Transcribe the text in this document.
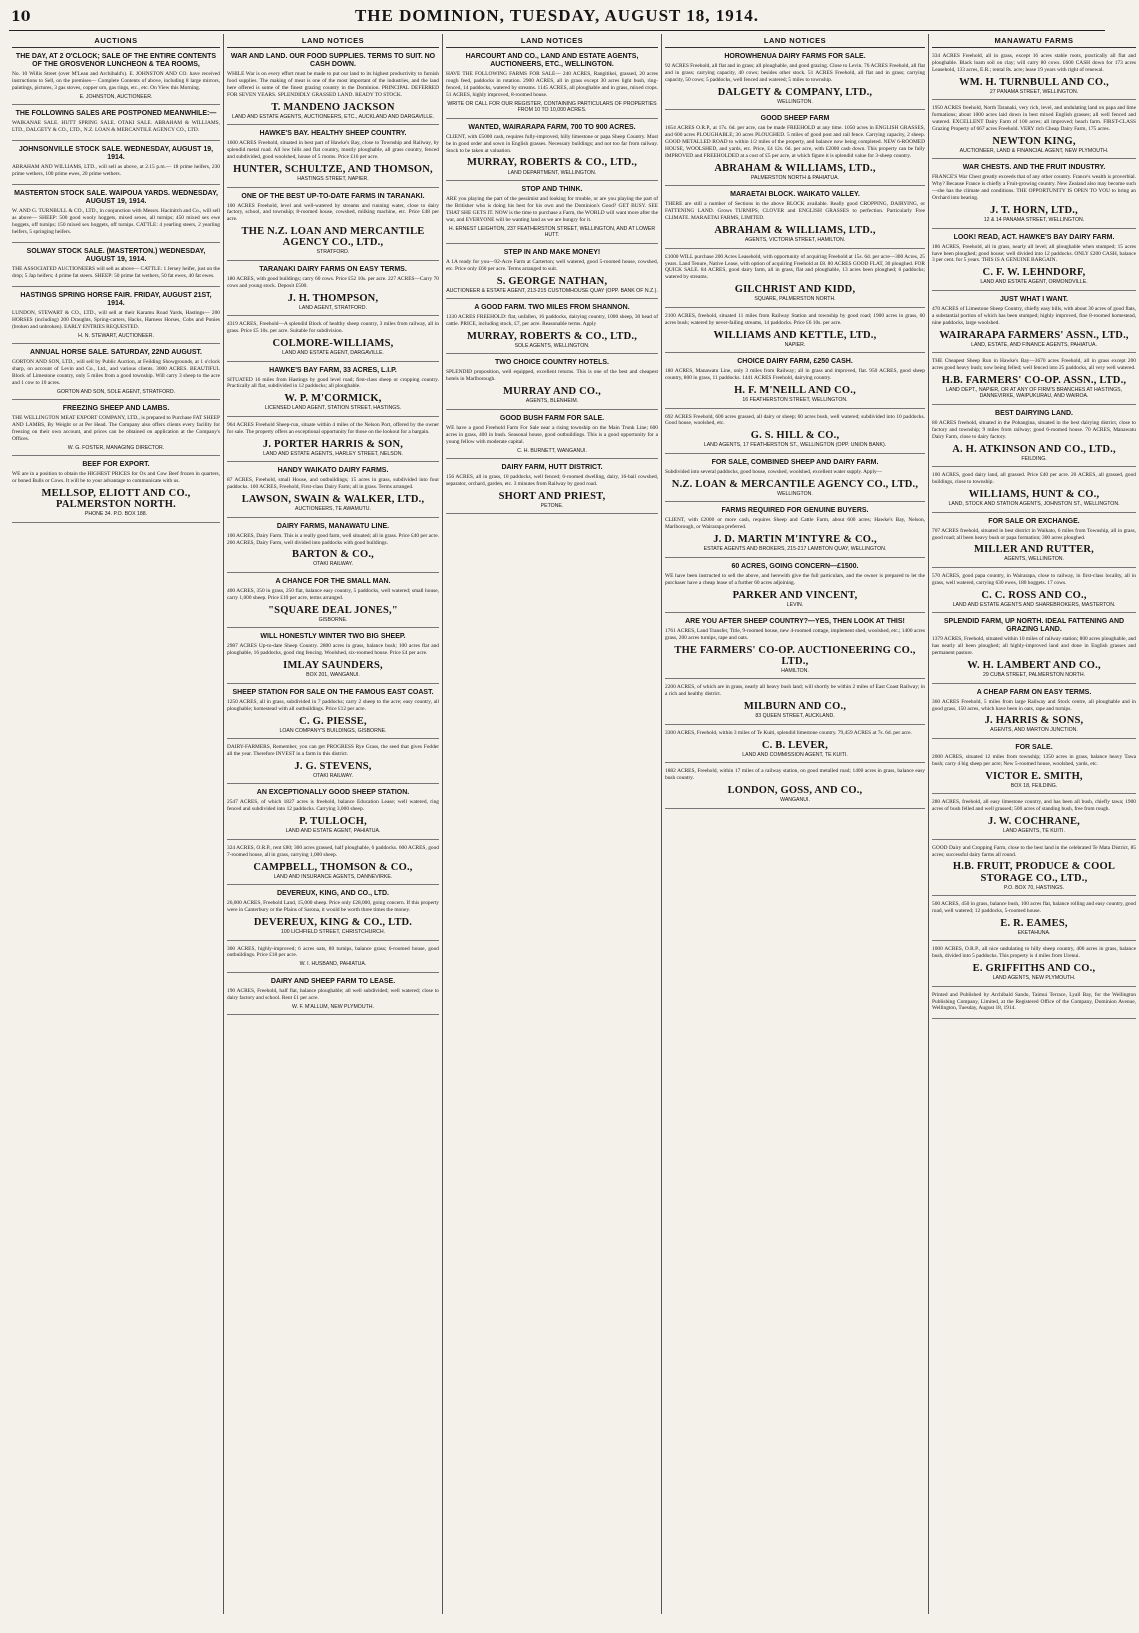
10	THE DOMINION, TUESDAY, AUGUST 18, 1914.
AUCTIONS
THE DAY, AT 2 O'CLOCK; SALE OF THE ENTIRE CONTENTS OF THE GROSVENOR LUNCHEON & TEA ROOMS,

No. 10 Willis Street (over M'Lean and Archibald's). E. JOHNSTON AND CO. have received instructions to Sell, on the premises— Complete Contents of above, including 8 large mirrors, paintings, pictures, 3 gas stoves, copper urn, gas rings, etc., etc. On View this Morning.

E. JOHNSTON, AUCTIONEER.
THE FOLLOWING SALES ARE POSTPONED MEANWHILE:—

WAIKANAE SALE. HUTT SPRING SALE. OTAKI SALE. ABRAHAM & WILLIAMS, LTD., DALGETY & CO., LTD., N.Z. LOAN & MERCANTILE AGENCY CO., LTD.

JOHNSONVILLE STOCK SALE. WEDNESDAY, AUGUST 19, 1914.

ABRAHAM AND WILLIAMS, LTD., will sell as above, at 2.15 p.m.— 18 prime heifers, 230 prime wethers, 100 prime ewes, 20 prime wethers.

MASTERTON STOCK SALE. WAIPOUA YARDS. WEDNESDAY, AUGUST 19, 1914.

W. AND G. TURNBULL & CO., LTD., in conjunction with Messrs. Hacinitch and Co., will sell as above— SHEEP: 500 good wooly hoggets, mixed sexes, all turnips; 450 mixed sex ewe hoggets, off turnips; 150 mixed sex hoggets, off turnips. CATTLE: 4 yearling steers, 2 yearling heifers, 5 springing heifers.

SOLWAY STOCK SALE. (MASTERTON.) WEDNESDAY, AUGUST 19, 1914.

THE ASSOCIATED AUCTIONEERS will sell as above— CATTLE: 1 Jersey heifer, just on the drop; 5 Jap heifers; 4 prime fat steers. SHEEP: 50 prime fat wethers, 50 fat ewes, 40 fat ewes.

HASTINGS SPRING HORSE FAIR. FRIDAY, AUGUST 21ST, 1914.

LUNDON, STEWART & CO., LTD., will sell at their Karamu Road Yards, Hastings— 200 HORSES (including) 200 Draughts, Spring-carters, Hacks, Harness Horses, Cobs and Ponies (broken and unbroken). EARLY ENTRIES REQUESTED.

H. N. STEWART, AUCTIONEER.
ANNUAL HORSE SALE. SATURDAY, 22ND AUGUST.

GORTON AND SON, LTD., will sell by Public Auction, at Feilding Showgrounds, at 1 o'clock sharp, on account of Levin and Co., Ltd., and various clients. 3000 ACRES. BEAUTIFUL Block of Limestone country, only 5 miles from a good township. Will carry 3 sheep to the acre and 1 cow to 10 acres.

GORTON AND SON, SOLE AGENT, STRATFORD.
FREEZING SHEEP AND LAMBS.

THE WELLINGTON MEAT EXPORT COMPANY, LTD., is prepared to Purchase FAT SHEEP AND LAMBS, By Weight or at Per Head. The Company also offers clients every facility for freezing on their own account, and prices can be obtained on application at the Company's Offices.

W. G. FOSTER, MANAGING DIRECTOR.
BEEF FOR EXPORT.

WE are in a position to obtain the HIGHEST PRICES for Ox and Cow Beef frozen in quarters, or boned Bulls or Cows. It will be to your advantage to communicate with us.

MELLSOP, ELIOTT AND CO., PALMERSTON NORTH.
PHONE 34. P.O. BOX 188.
LAND NOTICES
WAR AND LAND. OUR FOOD SUPPLIES. TERMS TO SUIT. NO CASH DOWN.

WHILE War is on every effort must be made to put our land to its highest productivity to furnish food supplies. The making of meat is one of the most important of the industries, and the land here offered is some of the finest grazing country in the Dominion. PRINCIPAL DEFERRED FOR SEVEN YEARS. SPLENDIDLY GRASSED LAND. READY TO STOCK.

T. MANDENO JACKSON
LAND AND ESTATE AGENTS, AUCTIONEERS, ETC., AUCKLAND AND DARGAVILLE.
HAWKE'S BAY. HEALTHY SHEEP COUNTRY.

1600 ACRES Freehold, situated in best part of Hawke's Bay, close to Township and Railway, by splendid metal road. All low hills and flat country, mostly ploughable, all grass country, fenced and subdivided, good woolshed, house of 5 rooms. Price £16 per acre.

HUNTER, SCHULTZE, AND THOMSON,
HASTINGS STREET, NAPIER.
ONE OF THE BEST UP-TO-DATE FARMS IN TARANAKI.

100 ACRES Freehold, level and well-watered by streams and running water, close to dairy factory, school, and township; 8-roomed house, cowshed, milking machine, etc. Price £48 per acre.

THE N.Z. LOAN AND MERCANTILE AGENCY CO., LTD.,
STRATFORD.
TARANAKI DAIRY FARMS ON EASY TERMS.

180 ACRES, with good buildings; carry 60 cows. Price £52 10s. per acre. 227 ACRES—Carry 70 cows and young stock. Deposit £500.

J. H. THOMPSON,
LAND AGENT, STRATFORD.

4319 ACRES, Freehold—A splendid Block of healthy sheep country, 3 miles from railway, all in grass. Price £5 10s. per acre. Suitable for subdivision.

COLMORE-WILLIAMS,
LAND AND ESTATE AGENT, DARGAVILLE.
HAWKE'S BAY FARM, 33 ACRES, L.I.P.

SITUATED 16 miles from Hastings by good level road; first-class sheep or cropping country. Practically all flat, subdivided in 12 paddocks; all ploughable.

W. P. M'CORMICK,
LICENSED LAND AGENT, STATION STREET, HASTINGS.

964 ACRES Freehold Sheep-run, situate within 4 miles of the Nelson Port, offered by the owner for sale. The property offers an exceptional opportunity for those on the lookout for a bargain.

J. PORTER HARRIS & SON,
LAND AND ESTATE AGENTS, HARLEY STREET, NELSON.
HANDY WAIKATO DAIRY FARMS.

87 ACRES, Freehold, small House, and outbuildings; 15 acres in grass, subdivided into four paddocks. 100 ACRES, Freehold, First-class Dairy Farm; all in grass. Terms arranged.

LAWSON, SWAIN & WALKER, LTD.,
AUCTIONEERS, TE AWAMUTU.
DAIRY FARMS, MANAWATU LINE.

100 ACRES, Dairy Farm. This is a really good farm, well situated; all in grass. Price £40 per acre. 200 ACRES, Dairy Farm, well divided into paddocks with good buildings.

BARTON & CO.,
OTAKI RAILWAY.
A CHANCE FOR THE SMALL MAN.

400 ACRES, 350 in grass, 250 flat, balance easy country, 5 paddocks, well watered; small house, carry 1,000 sheep. Price £10 per acre, terms arranged.

"SQUARE DEAL JONES,"
GISBORNE.
WILL HONESTLY WINTER TWO BIG SHEEP.

2987 ACRES Up-to-date Sheep Country. 2800 acres in grass, balance bush; 100 acres flat and ploughable, 16 paddocks, good ring fencing. Woolshed, six-roomed house. Price £4 per acre.

IMLAY SAUNDERS,
BOX 201, WANGANUI.
SHEEP STATION FOR SALE ON THE FAMOUS EAST COAST.

1250 ACRES, all in grass, subdivided in 7 paddocks; carry 2 sheep to the acre; easy country, all ploughable; homestead with all outbuildings. Price £12 per acre.

C. G. PIESSE,
LOAN COMPANY'S BUILDINGS, GISBORNE.

DAIRY-FARMERS, Remember, you can get PROGRESS Rye Grass, the seed that gives Fodder all the year. Therefore INVEST in a farm in this district.

J. G. STEVENS,
OTAKI RAILWAY.
AN EXCEPTIONALLY GOOD SHEEP STATION.

2547 ACRES, of which 1827 acres is freehold, balance Education Lease; well watered, ring fenced and subdivided into 12 paddocks. Carrying 3,000 sheep.

P. TULLOCH,
LAND AND ESTATE AGENT, PAHIATUA.

324 ACRES, O.R.P., rent £80; 300 acres grassed, half ploughable, 6 paddocks. 600 ACRES, good 7-roomed house, all in grass, carrying 1,000 sheep.

CAMPBELL, THOMSON & CO.,
LAND AND INSURANCE AGENTS, DANNEVIRKE.
DEVEREUX, KING, AND CO., LTD.

26,000 ACRES, Freehold Land, 15,000 sheep. Price only £28,000, going concern. If this property were in Canterbury or the Plains of Sarona, it would be worth three times the money.

DEVEREUX, KING & CO., LTD.
100 LICHFIELD STREET, CHRISTCHURCH.

300 ACRES, highly-improved; 6 acres oats, 80 turnips, balance grass; 6-roomed house, good outbuildings. Price £18 per acre.

W. I. HUSBAND, PAHIATUA.
DAIRY AND SHEEP FARM TO LEASE.

190 ACRES, Freehold, half flat, balance ploughable; all well subdivided; well watered; close to dairy factory and school. Rent £1 per acre.

W. F. M'ALLUM, NEW PLYMOUTH.
LAND NOTICES
HARCOURT AND CO., LAND AND ESTATE AGENTS, AUCTIONEERS, ETC., WELLINGTON.

HAVE THE FOLLOWING FARMS FOR SALE— 240 ACRES, Rangitikei, grassed, 20 acres rough feed, paddocks in rotation. 2900 ACRES, all in grass except 30 acres light bush, ring-fenced, 14 paddocks, watered by streams. 1145 ACRES, all ploughable and in grass, mixed crops. 51 ACRES, highly improved, 8-roomed house.

WRITE OR CALL FOR OUR REGISTER, CONTAINING PARTICULARS OF PROPERTIES FROM 10 TO 10,000 ACRES.
WANTED, WAIRARAPA FARM, 700 TO 900 ACRES.

CLIENT, with £5000 cash, requires fully-improved, hilly limestone or papa Sheep Country. Must be in good order and sown in English grasses. Necessary buildings; and not too far from railway. Stock to be taken at valuation.

MURRAY, ROBERTS & CO., LTD.,
LAND DEPARTMENT, WELLINGTON.
STOP AND THINK.

ARE you playing the part of the pessimist and looking for trouble, or are you playing the part of the Britisher who is doing his best for his own and the Dominion's Good? GET BUSY. SEE THAT SHE GETS IT. NOW is the time to purchase a Farm, the WORLD will want more after the war, and EVERYONE will be wanting land as we are hungry for it.

H. ERNEST LEIGHTON, 237 FEATHERSTON STREET, WELLINGTON, AND AT LOWER HUTT.
STEP IN AND MAKE MONEY!

A 1A ready for you—92-Acre Farm at Carterton; well watered, good 5-roomed house, cowshed, etc. Price only £60 per acre. Terms arranged to suit.

S. GEORGE NATHAN,
AUCTIONEER & ESTATE AGENT, 213-215 CUSTOMHOUSE QUAY (OPP. BANK OF N.Z.).
A GOOD FARM. TWO MILES FROM SHANNON.

1330 ACRES FREEHOLD: flat, unfallen, 16 paddocks, dairying country, 1000 sheep, 30 head of cattle. PRICE, including stock, £7, per acre. Reasonable terms. Apply

MURRAY, ROBERTS & CO., LTD.,
SOLE AGENTS, WELLINGTON.
TWO CHOICE COUNTRY HOTELS.

SPLENDID proposition, well equipped, excellent returns. This is one of the best and cheapest hotels in Marlborough.

MURRAY AND CO.,
AGENTS, BLENHEIM.
GOOD BUSH FARM FOR SALE.

WE have a good Freehold Farm For Sale near a rising township on the Main Trunk Line; 600 acres in grass, 400 in bush. Seasonal house, good outbuildings. This is a good opportunity for a young fellow with moderate capital.

C. H. BURNETT, WANGANUI.
DAIRY FARM, HUTT DISTRICT.

156 ACRES, all in grass, 10 paddocks, well fenced; 6-roomed dwelling, dairy, 16-bail cowshed, separator, orchard, garden, etc. 3 minutes from Railway by good road.

SHORT AND PRIEST,
PETONE.
LAND NOTICES
HOROWHENUA DAIRY FARMS FOR SALE.

92 ACRES Freehold, all flat and in grass; all ploughable, and good grazing. Close to Levin. 76 ACRES Freehold, all flat and in grass; carrying capacity, 40 cows; besides other stock. 51 ACRES Freehold, all flat and in grass; carrying capacity, 50 cows; 5 paddocks, well fenced and watered; 5 miles to township.

DALGETY & COMPANY, LTD.,
WELLINGTON.
GOOD SHEEP FARM

1654 ACRES O.R.P., at 17s. 6d. per acre, can be made FREEHOLD at any time. 1050 acres in ENGLISH GRASSES, and 600 acres PLOUGHABLE; 30 acres PLOUGHED. 5 miles of good post and rail fence. Carrying capacity, 2 sheep. GOOD METALLED ROAD to within 1/2 miles of the property, and balance now being completed. NEW 6-ROOMED HOUSE, WOOLSHED, and yards, etc. Price, £4 12s. 6d. per acre, with £2000 cash down. This property can be fully IMPROVED and FREEHOLDED at a cost of £5 per acre, at which figure it is splendid value for 3-sheep country.

ABRAHAM & WILLIAMS, LTD.,
PALMERSTON NORTH & PAHIATUA.
MARAETAI BLOCK. WAIKATO VALLEY.

THERE are still a number of Sections in the above BLOCK available. Really good CROPPING, DAIRYING, or FATTENING LAND. Grows TURNIPS, CLOVER and ENGLISH GRASSES to perfection. Particularly Free CLIMATE. MARAETAI FARMS, LIMITED.

ABRAHAM & WILLIAMS, LTD.,
AGENTS, VICTORIA STREET, HAMILTON.

£1000 WILL purchase 200 Acres Leasehold, with opportunity of acquiring Freehold at 15s. 6d. per acre—300 Acres, 25 years. Land Tenure, Native Lease, with option of acquiring Freehold at £8. 80 ACRES GOOD FLAT, 30 ploughed. FOR QUICK SALE. 84 ACRES, good dairy farm, all in grass, flat and ploughable, 13 acres been ploughed; 6 paddocks; watered by streams.

GILCHRIST AND KIDD,
SQUARE, PALMERSTON NORTH.

2100 ACRES, freehold, situated 11 miles from Railway Station and township by good road; 1900 acres in grass, 60 acres bush; watered by never-failing streams, 14 paddocks. Price £6 10s. per acre.

WILLIAMS AND KETTLE, LTD.,
NAPIER.
CHOICE DAIRY FARM, £250 CASH.

180 ACRES, Manawatu Line, only 3 miles from Railway; all in grass and improved, flat. 950 ACRES, good sheep country, 800 in grass, 11 paddocks. 1441 ACRES Freehold, dairying country.

H. F. M'NEILL AND CO.,
16 FEATHERSTON STREET, WELLINGTON.

692 ACRES Freehold, 600 acres grassed, all dairy or sheep; 60 acres bush, well watered; subdivided into 10 paddocks. Good house, woolshed, etc.

G. S. HILL & CO.,
LAND AGENTS, 17 FEATHERSTON ST., WELLINGTON (OPP. UNION BANK).
FOR SALE, COMBINED SHEEP AND DAIRY FARM.

Subdivided into several paddocks, good house, cowshed, woolshed, excellent water supply. Apply—

N.Z. LOAN & MERCANTILE AGENCY CO., LTD.,
WELLINGTON.
FARMS REQUIRED FOR GENUINE BUYERS.

CLIENT, with £2000 or more cash, requires Sheep and Cattle Farm, about 600 acres; Hawke's Bay, Nelson, Marlborough, or Wairarapa preferred.

J. D. MARTIN M'INTYRE & CO.,
ESTATE AGENTS AND BROKERS, 215-217 LAMBTON QUAY, WELLINGTON.
60 ACRES, GOING CONCERN—£1500.

WE have been instructed to sell the above, and herewith give the full particulars, and the owner is prepared to let the purchaser have a cheap lease of a further 60 acres adjoining.

PARKER AND VINCENT,
LEVIN.
ARE YOU AFTER SHEEP COUNTRY?—YES, THEN LOOK AT THIS!

1761 ACRES, Land Transfer, Title, 9-roomed house, new 4-roomed cottage, implement shed, woolshed, etc.; 1400 acres grass, 200 acres turnips, rape and oats.

THE FARMERS' CO-OP. AUCTIONEERING CO., LTD.,
HAMILTON.

2200 ACRES, of which are in grass, nearly all heavy bush land; will shortly be within 2 miles of East Coast Railway; in a rich and healthy district.

MILBURN AND CO.,
83 QUEEN STREET, AUCKLAND.

3300 ACRES, Freehold, within 3 miles of Te Kuiti, splendid limestone country. 79,459 ACRES at 7s. 6d. per acre.

C. B. LEVER,
LAND AND COMMISSION AGENT, TE KUITI.

1882 ACRES, Freehold, within 17 miles of a railway station, on good metalled road; 1400 acres in grass, balance easy bush country.

LONDON, GOSS, AND CO.,
WANGANUI.
MANAWATU FARMS

334 ACRES Freehold, all in grass, except 16 acres stable roots, practically all flat and ploughable. Black loam soil on clay; will carry 80 cows. £600 CASH down for 173 acres Leasehold, 133 acres, E.R.; rental 8s. acre; lease 19 years with right of renewal.

WM. H. TURNBULL AND CO.,
27 PANAMA STREET, WELLINGTON.

1950 ACRES freehold, North Taranaki, very rich, level, and undulating land on papa and lime formations; about 1000 acres laid down in best mixed English grasses; all well fenced and watered. EXCELLENT Dairy Farm of 100 acres; all improved; beach farm. FIRST-CLASS Grazing Property of 667 acres Freehold. VERY rich Cheap Dairy Farm, 175 acres.

NEWTON KING,
AUCTIONEER, LAND & FINANCIAL AGENT, NEW PLYMOUTH.
WAR CHESTS. AND THE FRUIT INDUSTRY.

FRANCE'S War Chest greatly exceeds that of any other country. France's wealth is proverbial. Why? Because France is chiefly a Fruit-growing country. New Zealand also may become such—she has the climate and conditions. THE OPPORTUNITY IS OPEN TO YOU to bring an Orchard into bearing.

J. T. HORN, LTD.,
12 & 14 PANAMA STREET, WELLINGTON.
LOOK! READ, ACT. HAWKE'S BAY DAIRY FARM.

186 ACRES, Freehold, all in grass, nearly all level; all ploughable when stumped; 15 acres have been ploughed; good house; well divided into 12 paddocks. ONLY £200 CASH, balance 3 per cent. for 5 years. THIS IS A GENUINE BARGAIN.

C. F. W. LEHNDORF,
LAND AND ESTATE AGENT, ORMONDVILLE.
JUST WHAT I WANT.

470 ACRES of Limestone Sheep Country, chiefly easy hills, with about 30 acres of good flats, a substantial portion of which has been stumped; highly improved, fine 8-roomed homestead, nine paddocks, large woolshed.

WAIRARAPA FARMERS' ASSN., LTD.,
LAND, ESTATE, AND FINANCE AGENTS, PAHIATUA.

THE Cheapest Sheep Run in Hawke's Bay—3670 acres Freehold, all in grass except 200 acres good heavy bush; now being felled; well fenced into 25 paddocks, all very well watered.

H.B. FARMERS' CO-OP. ASSN., LTD.,
LAND DEPT., NAPIER, OR AT ANY OF FIRM'S BRANCHES AT HASTINGS, DANNEVIRKE, WAIPUKURAU, AND WAIROA.
BEST DAIRYING LAND.

80 ACRES freehold, situated in the Pohangina, situated in the best dairying district, close to factory and township; 9 miles from railway; good 6-roomed house. 70 ACRES, Manawatu Dairy Farm, close to dairy factory.

A. H. ATKINSON AND CO., LTD.,
FEILDING.

100 ACRES, good dairy land, all grassed. Price £40 per acre. 20 ACRES, all grassed, good buildings, close to township.

WILLIAMS, HUNT & CO.,
LAND, STOCK AND STATION AGENTS, JOHNSTON ST., WELLINGTON.
FOR SALE OR EXCHANGE.

707 ACRES freehold, situated in best district in Waikato, 6 miles from Township, all in grass, good road; all been heavy bush or papa formation; 300 acres ploughed.

MILLER AND RUTTER,
AGENTS, WELLINGTON.

570 ACRES, good papa country, in Wairarapa, close to railway, in first-class locality, all in grass, well watered, carrying 630 ewes, 180 hoggets. 17 cows.

C. C. ROSS AND CO.,
LAND AND ESTATE AGENTS AND SHAREBROKERS, MASTERTON.
SPLENDID FARM, UP NORTH. IDEAL FATTENING AND GRAZING LAND.

1379 ACRES, Freehold, situated within 10 miles of railway station; 800 acres ploughable, and has nearly all been ploughed; all highly-improved land and done in English grasses and permanent pasture.

W. H. LAMBERT AND CO.,
29 CUBA STREET, PALMERSTON NORTH.
A CHEAP FARM ON EASY TERMS.

360 ACRES Freehold, 5 miles from large Railway and Stock centre, all ploughable and in good grass, 150 acres, which have been in oats, rape and turnips.

J. HARRIS & SONS,
AGENTS, AND MARTON JUNCTION.
FOR SALE.

2000 ACRES, situated 12 miles from township; 1350 acres in grass, balance heavy Tawa bush; carry 4 big sheep per acre; New 5-roomed house, woolshed, yards, etc.

VICTOR E. SMITH,
BOX 18, FEILDING.

280 ACRES, freehold, all easy limestone country, and has been all bush, chiefly tawa; 1900 acres of bush felled and well grassed; 500 acres of standing bush, free from rough.

J. W. COCHRANE,
LAND AGENTS, TE KUITI.

GOOD Dairy and Cropping Farm, close to the best land in the celebrated Te Mata District, 85 acres; successful dairy farms all round.

H.B. FRUIT, PRODUCE & COOL STORAGE CO., LTD.,
P.O. BOX 70, HASTINGS.

500 ACRES, 450 in grass, balance bush, 100 acres flat, balance rolling and easy country, good road, well watered; 12 paddocks, 5-roomed house.

E. R. EAMES,
EKETAHUNA.

1000 ACRES, O.R.P., all nice undulating to hilly sheep country, 400 acres in grass, balance bush, divided into 5 paddocks. This property is 4 miles from Urenui.

E. GRIFFITHS AND CO.,
LAND AGENTS, NEW PLYMOUTH.

Printed and Published by Archibald Sando, Taimui Terrace, Lyall Bay, for the Wellington Publishing Company, Limited, at the Registered Office of the Company, Dominion Avenue, Wellington, Tuesday, August 18, 1914.
